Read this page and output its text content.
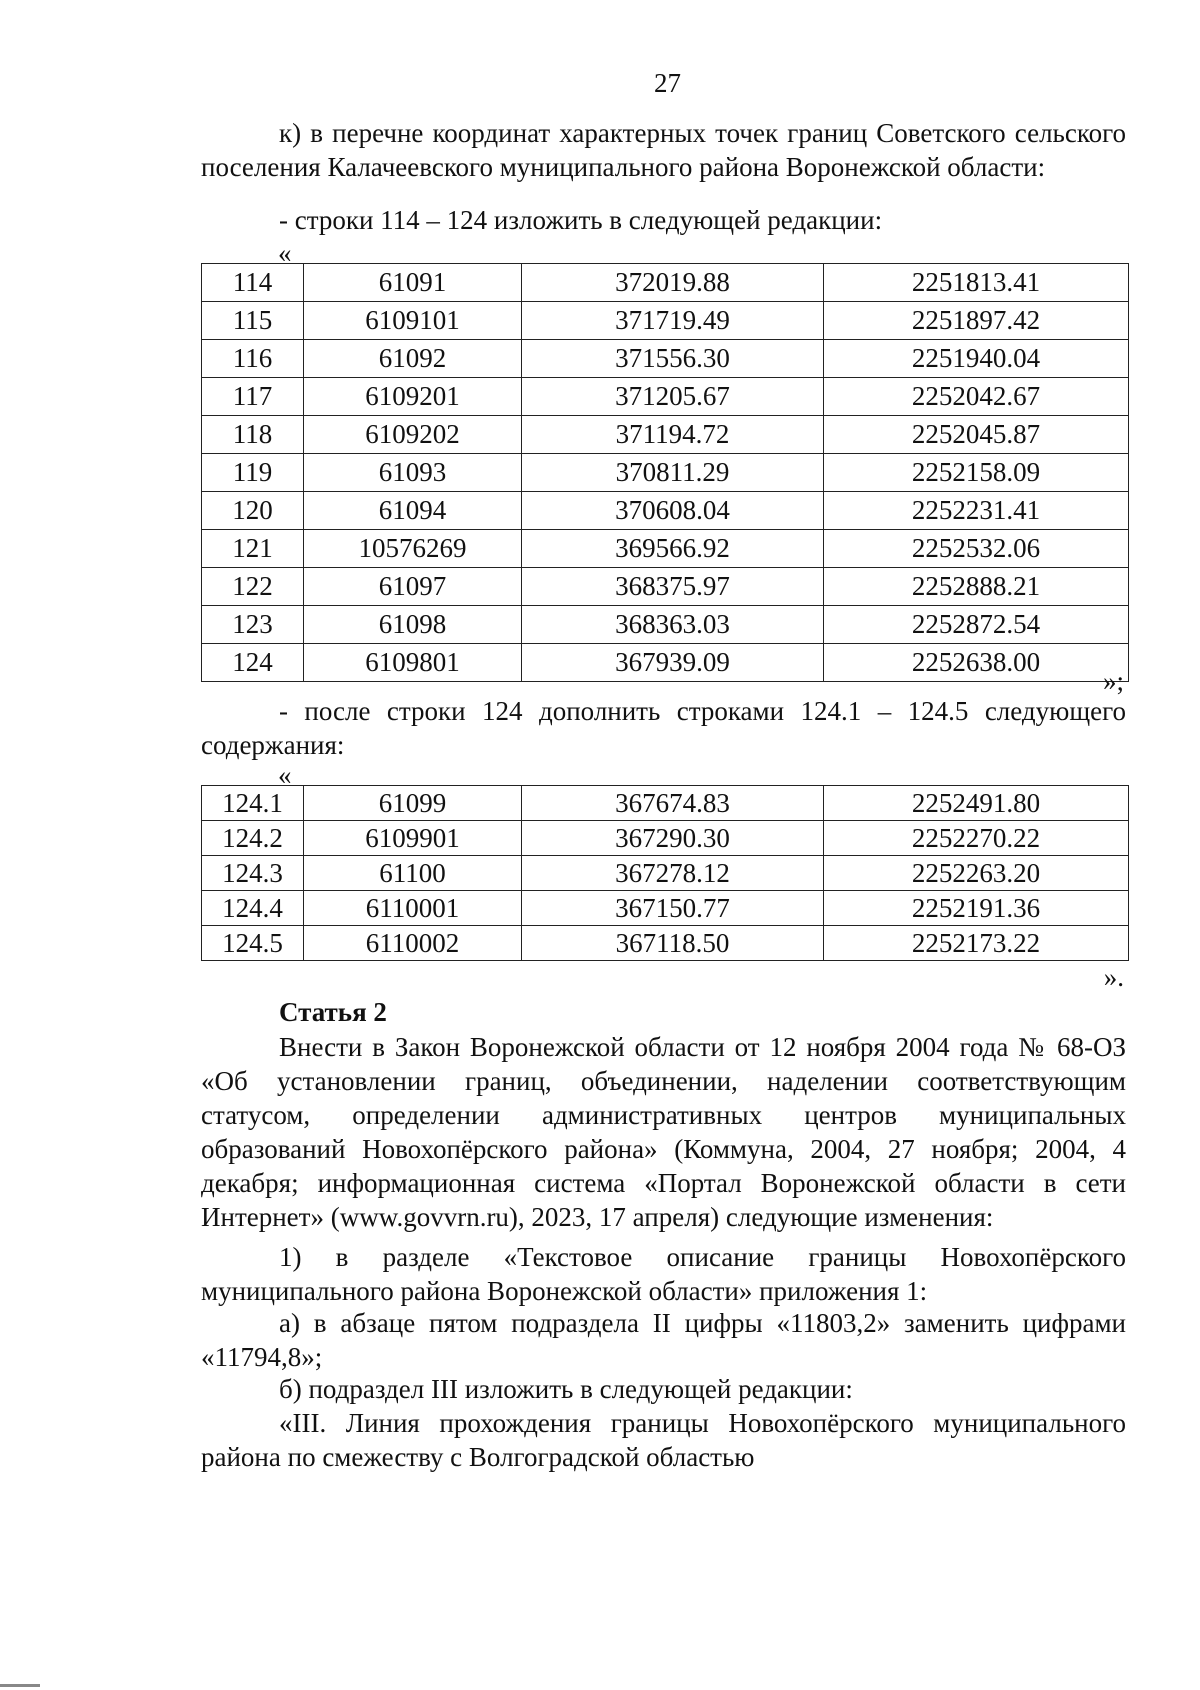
27
к) в перечне координат характерных точек границ Советского сельского поселения Калачеевского муниципального района Воронежской области:
- строки 114 – 124 изложить в следующей редакции:
«
114	61091	372019.88	2251813.41
115	6109101	371719.49	2251897.42
116	61092	371556.30	2251940.04
117	6109201	371205.67	2252042.67
118	6109202	371194.72	2252045.87
119	61093	370811.29	2252158.09
120	61094	370608.04	2252231.41
121	10576269	369566.92	2252532.06
122	61097	368375.97	2252888.21
123	61098	368363.03	2252872.54
124	6109801	367939.09	2252638.00
»;
- после строки 124 дополнить строками 124.1 – 124.5 следующего содержания:
«
124.1	61099	367674.83	2252491.80
124.2	6109901	367290.30	2252270.22
124.3	61100	367278.12	2252263.20
124.4	6110001	367150.77	2252191.36
124.5	6110002	367118.50	2252173.22
».
Статья 2
Внести в Закон Воронежской области от 12 ноября 2004 года № 68-ОЗ «Об установлении границ, объединении, наделении соответствующим статусом, определении административных центров муниципальных образований Новохопёрского района» (Коммуна, 2004, 27 ноября; 2004, 4 декабря; информационная система «Портал Воронежской области в сети Интернет» (www.govvrn.ru), 2023, 17 апреля) следующие изменения:
1) в разделе «Текстовое описание границы Новохопёрского муниципального района Воронежской области» приложения 1:
а) в абзаце пятом подраздела II цифры «11803,2» заменить цифрами «11794,8»;
б) подраздел III изложить в следующей редакции:
«III. Линия прохождения границы Новохопёрского муниципального района по смежеству с Волгоградской областью
